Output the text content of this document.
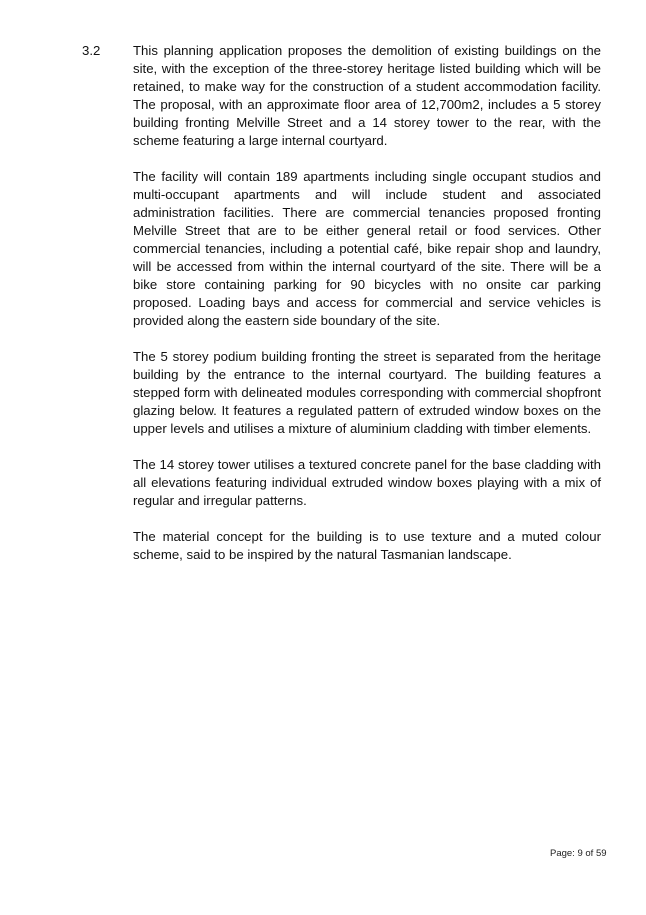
3.2 This planning application proposes the demolition of existing buildings on the site, with the exception of the three-storey heritage listed building which will be retained, to make way for the construction of a student accommodation facility. The proposal, with an approximate floor area of 12,700m2, includes a 5 storey building fronting Melville Street and a 14 storey tower to the rear, with the scheme featuring a large internal courtyard.

The facility will contain 189 apartments including single occupant studios and multi-occupant apartments and will include student and associated administration facilities. There are commercial tenancies proposed fronting Melville Street that are to be either general retail or food services. Other commercial tenancies, including a potential café, bike repair shop and laundry, will be accessed from within the internal courtyard of the site. There will be a bike store containing parking for 90 bicycles with no onsite car parking proposed. Loading bays and access for commercial and service vehicles is provided along the eastern side boundary of the site.

The 5 storey podium building fronting the street is separated from the heritage building by the entrance to the internal courtyard. The building features a stepped form with delineated modules corresponding with commercial shopfront glazing below. It features a regulated pattern of extruded window boxes on the upper levels and utilises a mixture of aluminium cladding with timber elements.

The 14 storey tower utilises a textured concrete panel for the base cladding with all elevations featuring individual extruded window boxes playing with a mix of regular and irregular patterns.

The material concept for the building is to use texture and a muted colour scheme, said to be inspired by the natural Tasmanian landscape.

Page: 9 of 59
